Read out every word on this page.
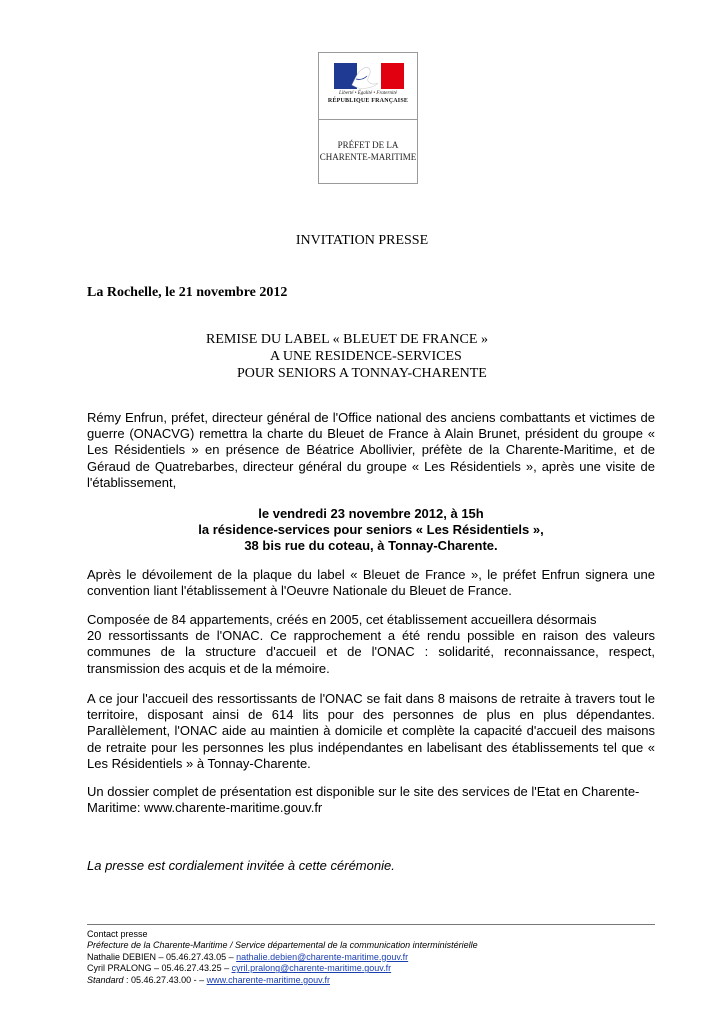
Liberté • Égalité • Fraternité
RÉPUBLIQUE FRANÇAISE
PRÉFET DE LA
CHARENTE-MARITIME
INVITATION PRESSE
La Rochelle, le 21 novembre 2012
REMISE DU LABEL « BLEUET DE FRANCE »
A UNE RESIDENCE-SERVICES
POUR SENIORS A TONNAY-CHARENTE
Rémy Enfrun, préfet, directeur général de l'Office national des anciens combattants et victimes de guerre (ONACVG) remettra la charte du Bleuet de France à Alain Brunet, président du groupe « Les Résidentiels » en présence de Béatrice Abollivier, préfète de la Charente-Maritime, et de Géraud de Quatrebarbes, directeur général du groupe « Les Résidentiels », après une visite de l'établissement,
le vendredi 23 novembre 2012, à 15h
la résidence-services pour seniors « Les Résidentiels »,
38 bis rue du coteau, à Tonnay-Charente.
Après le dévoilement de la plaque du label « Bleuet de France », le préfet Enfrun signera une convention liant l'établissement à l'Oeuvre Nationale du Bleuet de France.
Composée de 84 appartements, créés en 2005, cet établissement accueillera désormais
20 ressortissants de l'ONAC. Ce rapprochement a été rendu possible en raison des valeurs communes de la structure d'accueil et de l'ONAC : solidarité, reconnaissance, respect, transmission des acquis et de la mémoire.
A ce jour l'accueil des ressortissants de l'ONAC se fait dans 8 maisons de retraite à travers tout le territoire, disposant ainsi de 614 lits pour des personnes de plus en plus dépendantes. Parallèlement, l'ONAC aide au maintien à domicile et complète la capacité d'accueil des maisons de retraite pour les personnes les plus indépendantes en labelisant des établissements tel que « Les Résidentiels » à Tonnay-Charente.
Un dossier complet de présentation est disponible sur le site des services de l'Etat en Charente-Maritime: www.charente-maritime.gouv.fr
La presse est cordialement invitée à cette cérémonie.
Contact presse
Préfecture de la Charente-Maritime / Service départemental de la communication interministérielle
Nathalie DEBIEN – 05.46.27.43.05 – nathalie.debien@charente-maritime.gouv.fr
Cyril PRALONG – 05.46.27.43.25 – cyril.pralong@charente-maritime.gouv.fr
Standard : 05.46.27.43.00 - – www.charente-maritime.gouv.fr
